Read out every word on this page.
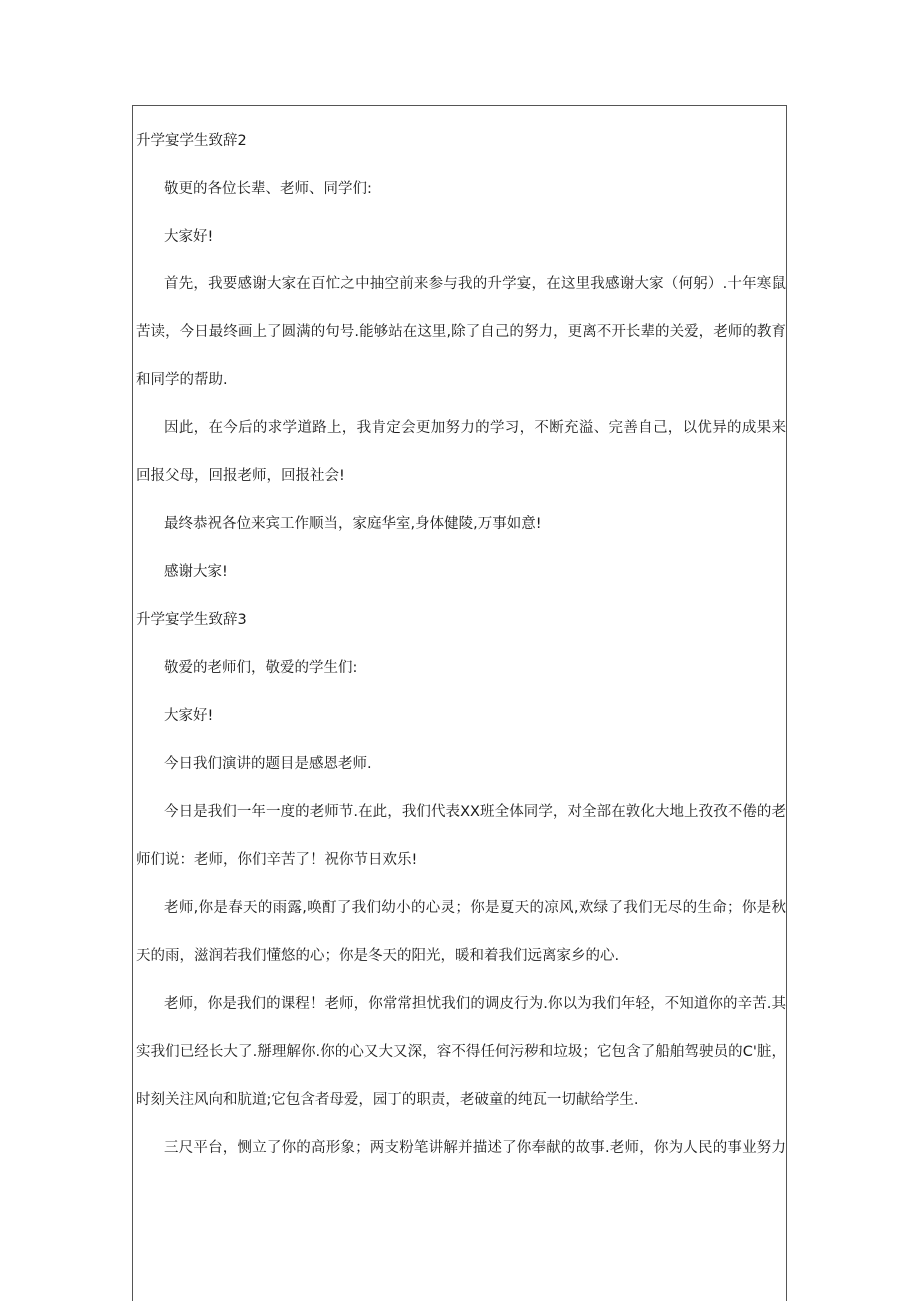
升学宴学生致辞2
敬更的各位长辈、老师、同学们:
大家好!
首先，我要感谢大家在百忙之中抽空前来参与我的升学宴，在这里我感谢大家（何躬）.十年寒鼠
苦读，今日最终画上了圆满的句号.能够站在这里,除了自己的努力，更离不开长辈的关爱，老师的教育
和同学的帮助.
因此，在今后的求学道路上，我肯定会更加努力的学习，不断充溢、完善自己，以优异的成果来
回报父母，回报老师，回报社会!
最终恭祝各位来宾工作顺当，家庭华室,身体健陵,万事如意!
感谢大家!
升学宴学生致辞3
敬爱的老师们，敬爱的学生们:
大家好!
今日我们演讲的题目是感恩老师.
今日是我们一年一度的老师节.在此，我们代表XX班全体同学，对全部在敦化大地上孜孜不倦的老
师们说：老师，你们辛苦了！祝你节日欢乐!
老师,你是春天的雨露,唤酊了我们幼小的心灵；你是夏天的凉风,欢绿了我们无尽的生命；你是秋
天的雨，滋润若我们懂悠的心；你是冬天的阳光，暖和着我们远离家乡的心.
老师，你是我们的课程！老师，你常常担忧我们的调皮行为.你以为我们年轻，不知道你的辛苦.其
实我们已经长大了.掰理解你.你的心又大又深，容不得任何污秽和垃圾；它包含了船舶驾驶员的C'脏，
时刻关注风向和肮道;它包含者母爱，园丁的职责，老破童的纯瓦一切献给学生.
三尺平台，恻立了你的高形象；两支粉笔讲解并描述了你奉献的故事.老师，你为人民的事业努力
